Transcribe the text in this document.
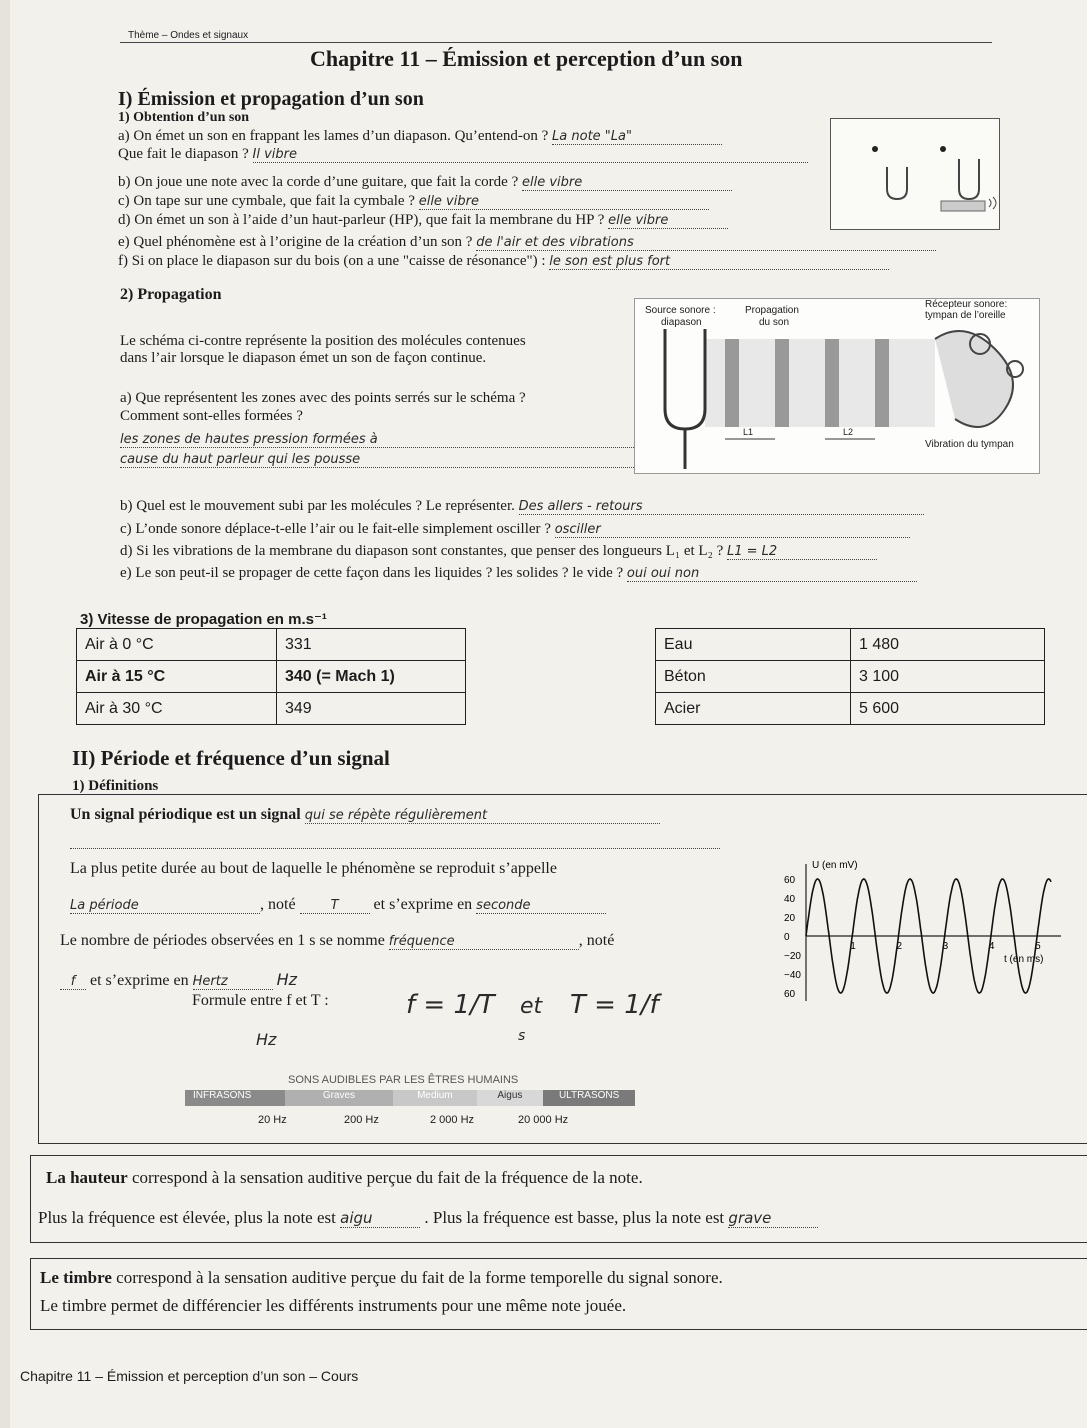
Thème – Ondes et signaux
Chapitre 11 – Émission et perception d’un son
I) Émission et propagation d’un son
1) Obtention d’un son
a) On émet un son en frappant les lames d’un diapason. Qu’entend-on ? La note "La"
Que fait le diapason ? Il vibre
b) On joue une note avec la corde d’une guitare, que fait la corde ? elle vibre
c) On tape sur une cymbale, que fait la cymbale ? elle vibre
d) On émet un son à l’aide d’un haut-parleur (HP), que fait la membrane du HP ? elle vibre
e) Quel phénomène est à l’origine de la création d’un son ? de l'air et des vibrations
f) Si on place le diapason sur du bois (on a une "caisse de résonance") : le son est plus fort
2) Propagation
Le schéma ci-contre représente la position des molécules contenues
dans l’air lorsque le diapason émet un son de façon continue.
a) Que représentent les zones avec des points serrés sur le schéma ?
Comment sont-elles formées ?
les zones de hautes pression formées à
cause du haut parleur qui les pousse
Source sonore :
diapason
Propagation
du son
Récepteur sonore:
tympan de l’oreille
L1	L2
Vibration du tympan
b) Quel est le mouvement subi par les molécules ? Le représenter. Des allers - retours
c) L’onde sonore déplace-t-elle l’air ou le fait-elle simplement osciller ? osciller
d) Si les vibrations de la membrane du diapason sont constantes, que penser des longueurs L₁ et L₂ ? L1 = L2
e) Le son peut-il se propager de cette façon dans les liquides ? les solides ? le vide ? oui oui non
3) Vitesse de propagation en m.s⁻¹
Air à 0 °C	331
Air à 15 °C	340 (= Mach 1)
Air à 30 °C	349
Eau	1 480
Béton	3 100
Acier	5 600
II) Période et fréquence d’un signal
1) Définitions
Un signal périodique est un signal qui se répète régulièrement
La plus petite durée au bout de laquelle le phénomène se reproduit s’appelle
La période	, noté	T et s’exprime en seconde
Le nombre de périodes observées en 1 s se nomme fréquence	, noté
f et s’exprime en Hertz	Hz
Formule entre f et T :	f = 1/T et T = 1/f
Hz	s
60
40
20
0
−20
−40
60
1	2	3	4	5
U (en mV)
t (en ms)
SONS AUDIBLES PAR LES ÊTRES HUMAINS
INFRASONS	Graves	Medium	Aigus	ULTRASONS
20 Hz	200 Hz	2 000 Hz	20 000 Hz
La hauteur correspond à la sensation auditive perçue du fait de la fréquence de la note.
Plus la fréquence est élevée, plus la note est aigu	. Plus la fréquence est basse, plus la note est grave
Le timbre correspond à la sensation auditive perçue du fait de la forme temporelle du signal sonore.
Le timbre permet de différencier les différents instruments pour une même note jouée.
Chapitre 11 – Émission et perception d’un son – Cours
